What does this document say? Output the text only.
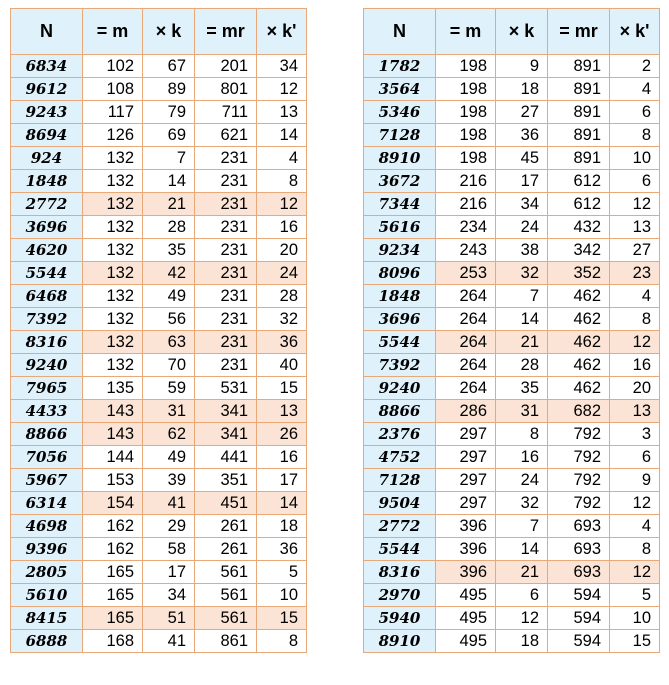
N	= m	× k	= mr	× k'
6834	102	67	201	34
9612	108	89	801	12
9243	117	79	711	13
8694	126	69	621	14
924	132	7	231	4
1848	132	14	231	8
2772	132	21	231	12
3696	132	28	231	16
4620	132	35	231	20
5544	132	42	231	24
6468	132	49	231	28
7392	132	56	231	32
8316	132	63	231	36
9240	132	70	231	40
7965	135	59	531	15
4433	143	31	341	13
8866	143	62	341	26
7056	144	49	441	16
5967	153	39	351	17
6314	154	41	451	14
4698	162	29	261	18
9396	162	58	261	36
2805	165	17	561	5
5610	165	34	561	10
8415	165	51	561	15
6888	168	41	861	8
N	= m	× k	= mr	× k'
1782	198	9	891	2
3564	198	18	891	4
5346	198	27	891	6
7128	198	36	891	8
8910	198	45	891	10
3672	216	17	612	6
7344	216	34	612	12
5616	234	24	432	13
9234	243	38	342	27
8096	253	32	352	23
1848	264	7	462	4
3696	264	14	462	8
5544	264	21	462	12
7392	264	28	462	16
9240	264	35	462	20
8866	286	31	682	13
2376	297	8	792	3
4752	297	16	792	6
7128	297	24	792	9
9504	297	32	792	12
2772	396	7	693	4
5544	396	14	693	8
8316	396	21	693	12
2970	495	6	594	5
5940	495	12	594	10
8910	495	18	594	15
